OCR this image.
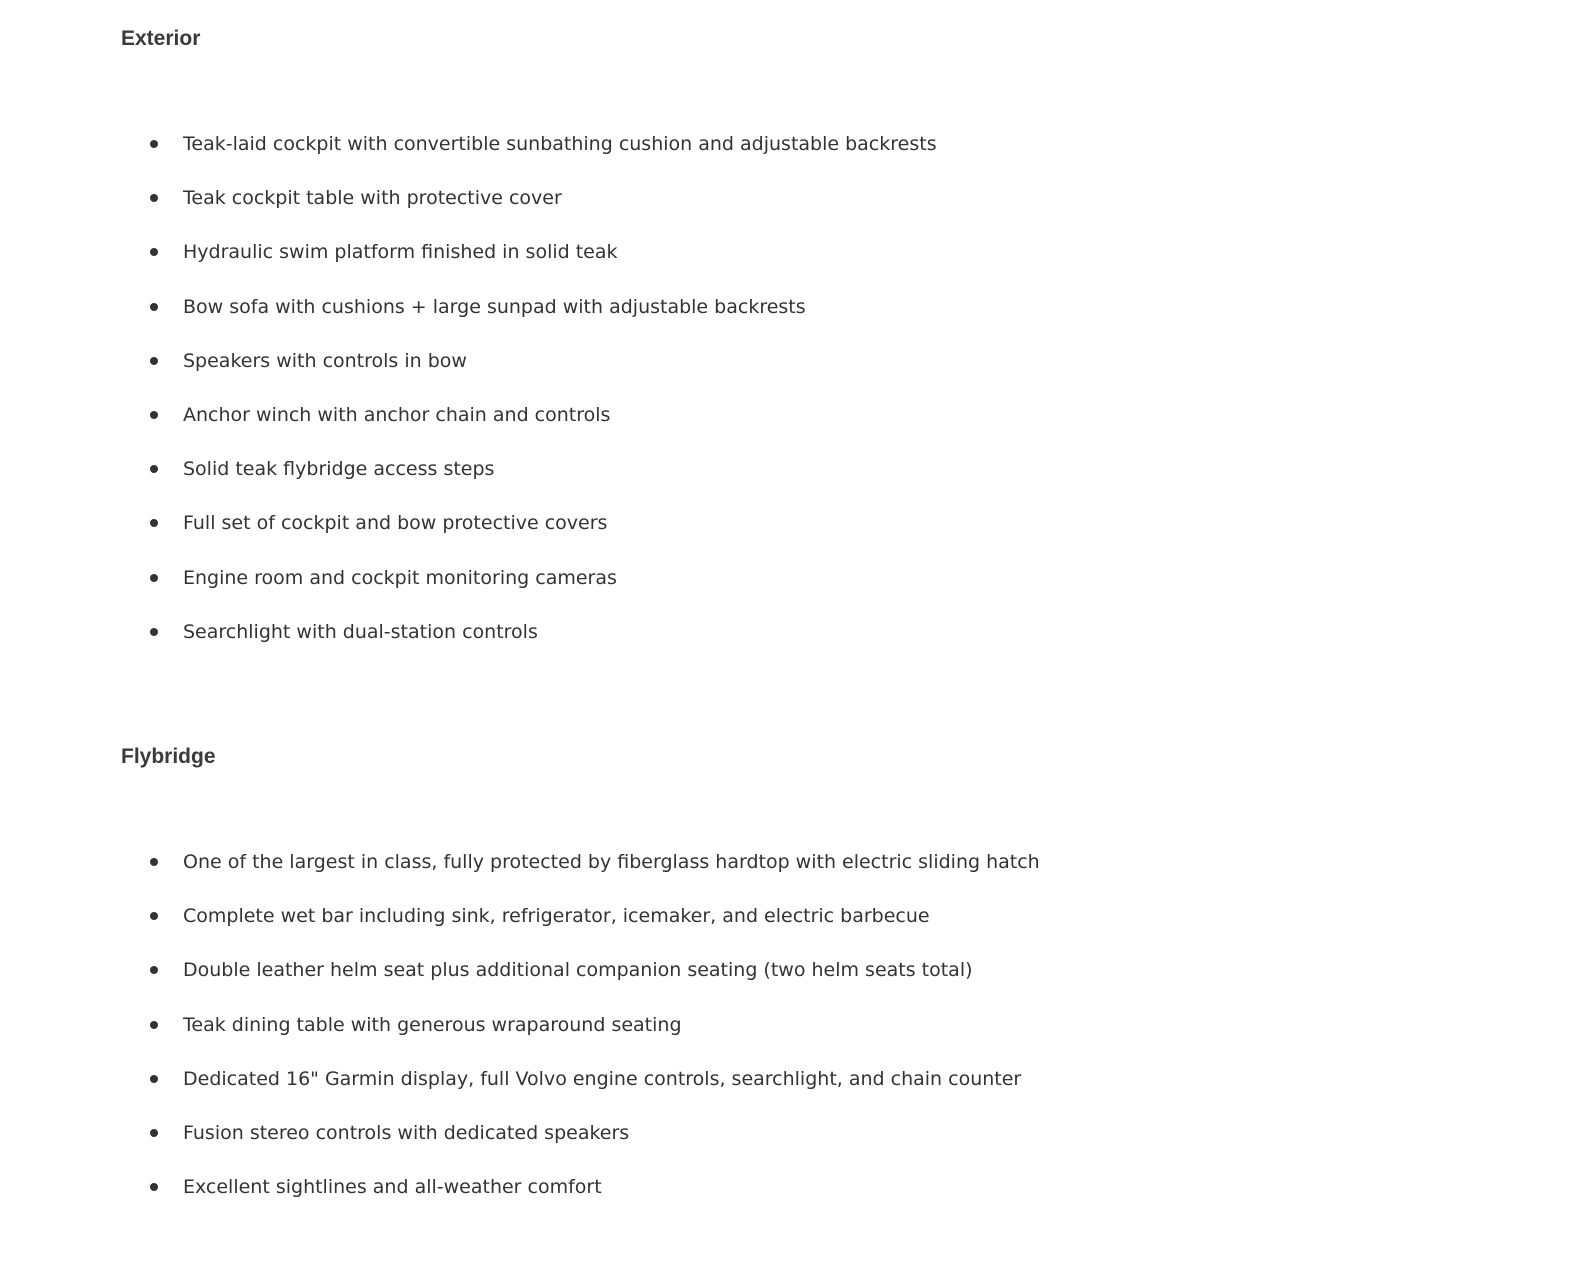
Exterior
Teak-laid cockpit with convertible sunbathing cushion and adjustable backrests
Teak cockpit table with protective cover
Hydraulic swim platform finished in solid teak
Bow sofa with cushions + large sunpad with adjustable backrests
Speakers with controls in bow
Anchor winch with anchor chain and controls
Solid teak flybridge access steps
Full set of cockpit and bow protective covers
Engine room and cockpit monitoring cameras
Searchlight with dual-station controls
Flybridge
One of the largest in class, fully protected by fiberglass hardtop with electric sliding hatch
Complete wet bar including sink, refrigerator, icemaker, and electric barbecue
Double leather helm seat plus additional companion seating (two helm seats total)
Teak dining table with generous wraparound seating
Dedicated 16" Garmin display, full Volvo engine controls, searchlight, and chain counter
Fusion stereo controls with dedicated speakers
Excellent sightlines and all-weather comfort
